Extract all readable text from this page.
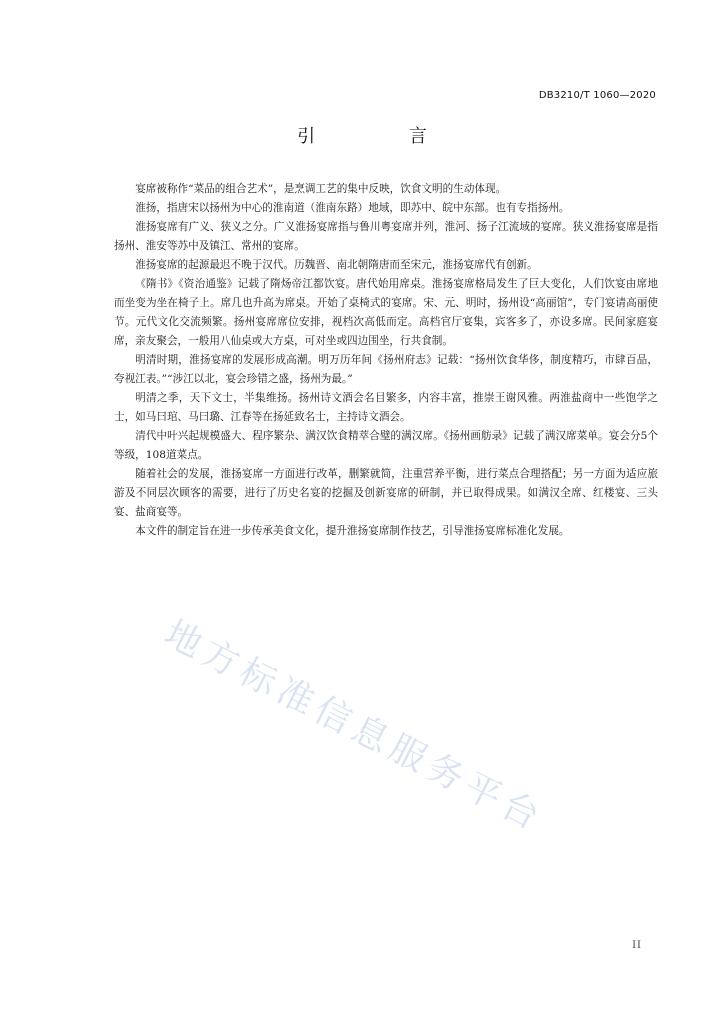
DB3210/T 1060—2020
引 言

宴席被称作“菜品的组合艺术”，是烹调工艺的集中反映，饮食文明的生动体现。

淮扬，指唐宋以扬州为中心的淮南道（淮南东路）地域，即苏中、皖中东部。也有专指扬州。

淮扬宴席有广义、狭义之分。广义淮扬宴席指与鲁川粤宴席并列，淮河、扬子江流域的宴席。狭义淮扬宴席是指扬州、淮安等苏中及镇江、常州的宴席。

淮扬宴席的起源最迟不晚于汉代。历魏晋、南北朝隋唐而至宋元，淮扬宴席代有创新。

《隋书》《资治通鉴》记载了隋炀帝江都饮宴。唐代始用席桌。淮扬宴席格局发生了巨大变化，人们饮宴由席地而坐变为坐在椅子上。席几也升高为席桌。开始了桌椅式的宴席。宋、元、明时，扬州设“高丽馆”，专门宴请高丽使节。元代文化交流频繁。扬州宴席席位安排，视档次高低而定。高档官厅宴集，宾客多了，亦设多席。民间家庭宴席，亲友聚会，一般用八仙桌或大方桌，可对坐或四边围坐，行共食制。

明清时期，淮扬宴席的发展形成高潮。明万历年间《扬州府志》记载：“扬州饮食华侈，制度精巧，市肆百品，夸视江表。”“涉江以北，宴会珍错之盛，扬州为最。”

明清之季，天下文士，半集维扬。扬州诗文酒会名目繁多，内容丰富，推崇王谢风雅。两淮盐商中一些饱学之士，如马曰琯、马曰璐、江春等在扬延致名士，主持诗文酒会。

清代中叶兴起规模盛大、程序繁杂、满汉饮食精萃合璧的满汉席。《扬州画舫录》记载了满汉席菜单。宴会分5个等级，108道菜点。

随着社会的发展，淮扬宴席一方面进行改革，删繁就简，注重营养平衡，进行菜点合理搭配；另一方面为适应旅游及不同层次顾客的需要，进行了历史名宴的挖掘及创新宴席的研制，并已取得成果。如满汉全席、红楼宴、三头宴、盐商宴等。

本文件的制定旨在进一步传承美食文化，提升淮扬宴席制作技艺，引导淮扬宴席标准化发展。

地方标准信息服务平台
II
